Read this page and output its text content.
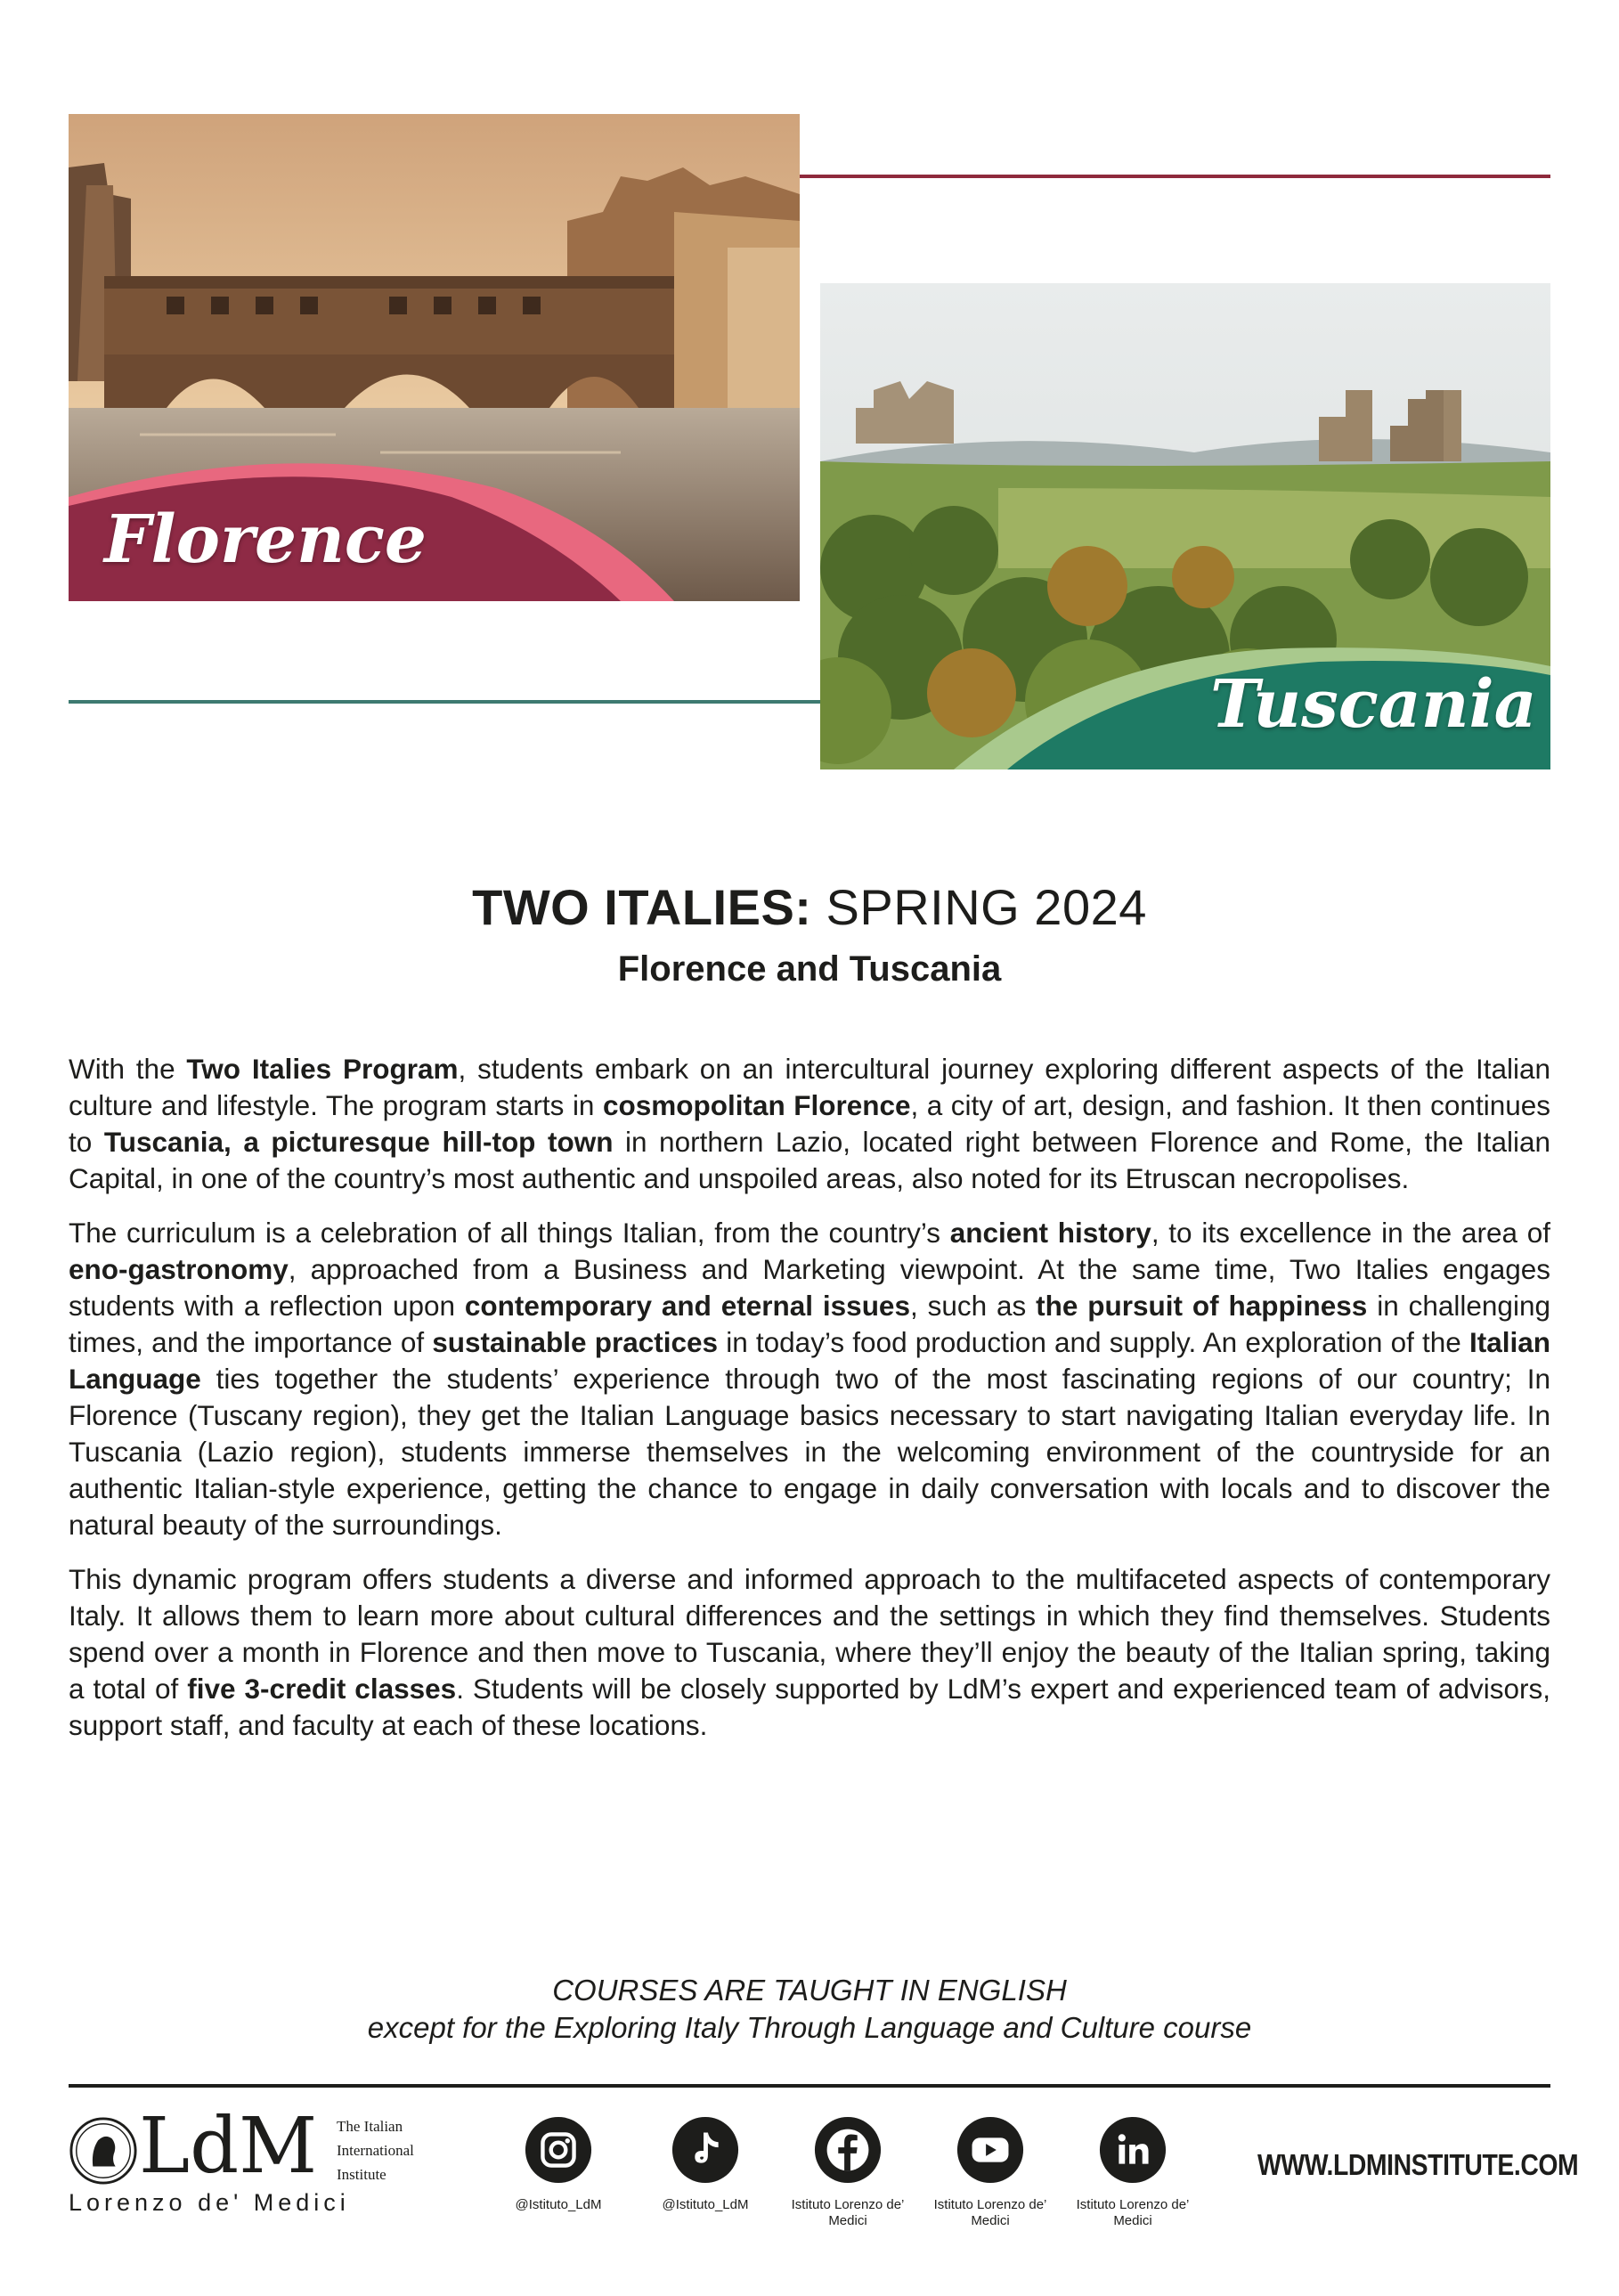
Florence
Tuscania
TWO ITALIES: SPRING 2024
Florence and Tuscania

With the Two Italies Program, students embark on an intercultural journey exploring different aspects of the Italian culture and lifestyle. The program starts in cosmopolitan Florence, a city of art, design, and fashion. It then continues to Tuscania, a picturesque hill-top town in northern Lazio, located right between Florence and Rome, the Italian Capital, in one of the country’s most authentic and unspoiled areas, also noted for its Etruscan necropolises.

The curriculum is a celebration of all things Italian, from the country’s ancient history, to its excellence in the area of eno-gastronomy, approached from a Business and Marketing viewpoint. At the same time, Two Italies engages students with a reflection upon contemporary and eternal issues, such as the pursuit of happiness in challenging times, and the importance of sustainable practices in today’s food production and supply. An exploration of the Italian Language ties together the students’ experience through two of the most fascinating regions of our country; In Florence (Tuscany region), they get the Italian Language basics necessary to start navigating Italian everyday life. In Tuscania (Lazio region), students immerse themselves in the welcoming environment of the countryside for an authentic Italian-style experience, getting the chance to engage in daily conversation with locals and to discover the natural beauty of the surroundings.

This dynamic program offers students a diverse and informed approach to the multifaceted aspects of contemporary Italy. It allows them to learn more about cultural differences and the settings in which they find themselves. Students spend over a month in Florence and then move to Tuscania, where they’ll enjoy the beauty of the Italian spring, taking a total of five 3-credit classes. Students will be closely supported by LdM’s expert and experienced team of advisors, support staff, and faculty at each of these locations.

COURSES ARE TAUGHT IN ENGLISH
except for the Exploring Italy Through Language and Culture course
LdM The Italian
International
Institute
Lorenzo de' Medici	@Istituto_LdM	@Istituto_LdM	Istituto Lorenzo de’ Medici
Istituto Lorenzo de’ Medici
Istituto Lorenzo de’ Medici
WWW.LDMINSTITUTE.COM
